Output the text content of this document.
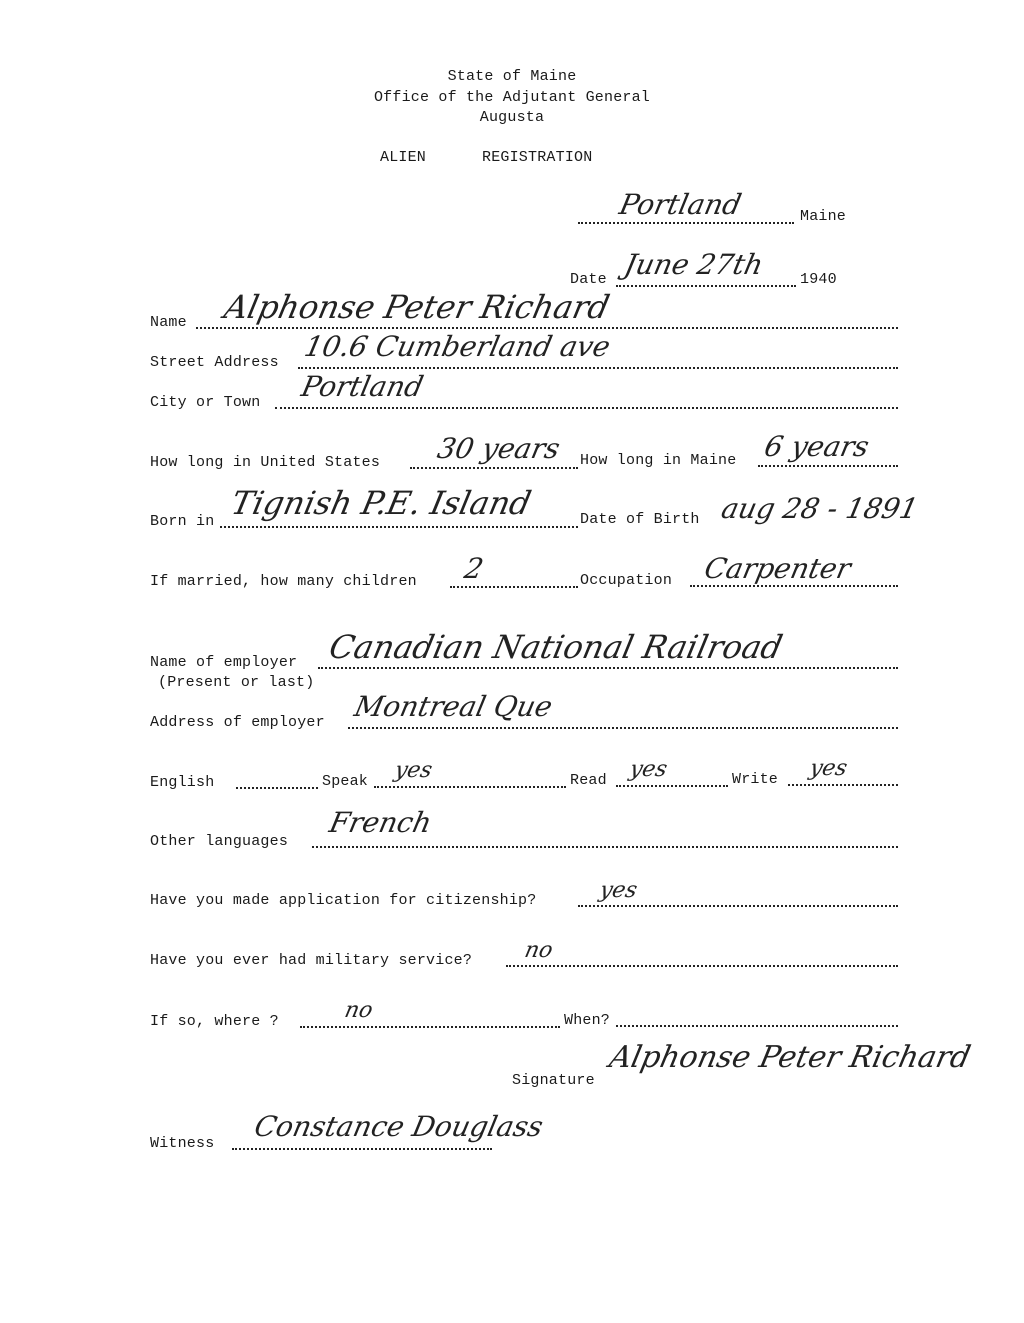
State of Maine
Office of the Adjutant General
Augusta
ALIEN	REGISTRATION
Portland	Maine
Date June 27th 1940
Name Alphonse Peter Richard
Street Address 10.6 Cumberland ave
City or Town Portland
How long in United States 30 years How long in Maine 6 years
Born in Tignish P.E. Island	Date of Birth aug 28 - 1891
If married, how many children 2	Occupation Carpenter
Name of employer
(Present or last)
Canadian National Railroad
Address of employer Montreal Que
English	Speak yes	Read yes	Write yes
Other languages
French
Have you made application for citizenship?	yes
Have you ever had military service? no
If so, where ?	no	When?
Signature
Alphonse Peter Richard
Witness
Constance Douglass
